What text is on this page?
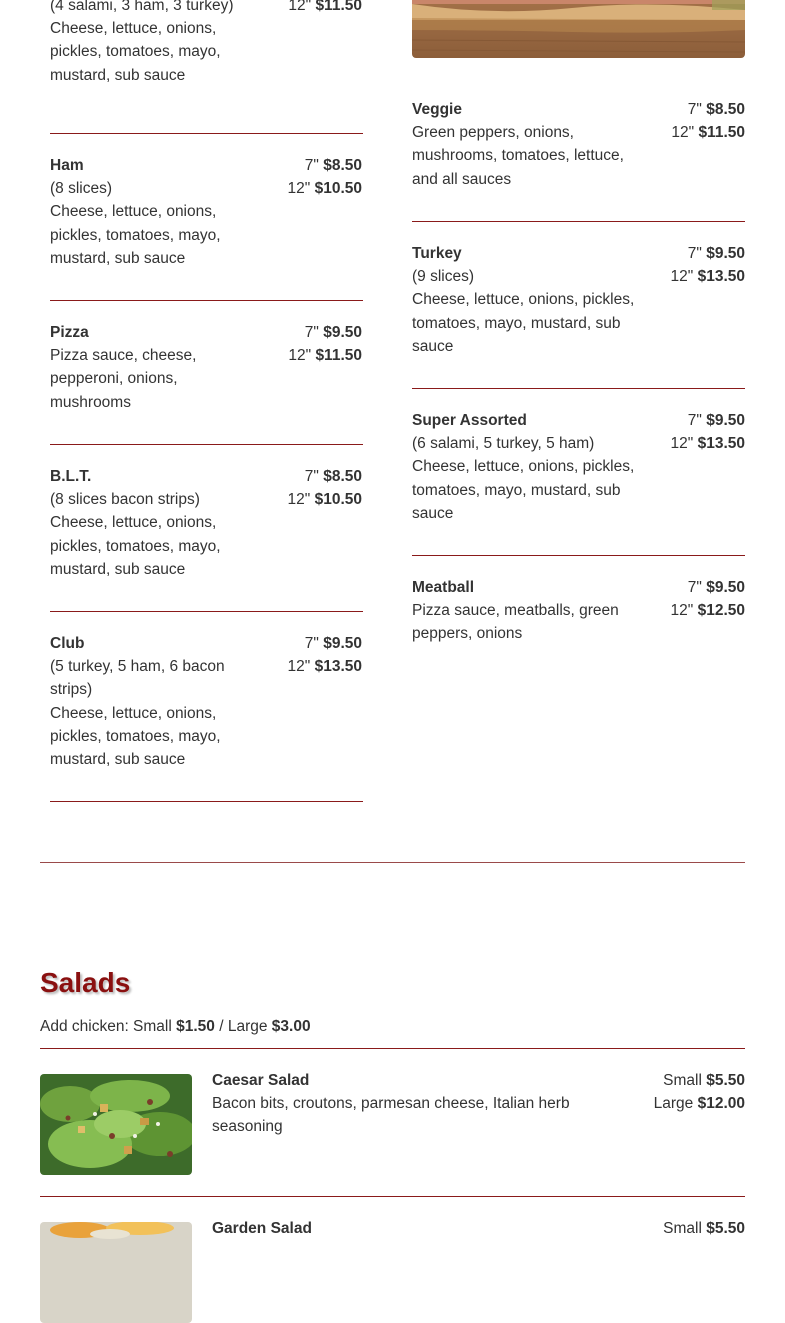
(4 salami, 3 ham, 3 turkey)
Cheese, lettuce, onions,
pickles, tomatoes, mayo,
mustard, sub sauce
12" $11.50
Ham
(8 slices)
Cheese, lettuce, onions,
pickles, tomatoes, mayo,
mustard, sub sauce
7" $8.50
12" $10.50
Pizza
Pizza sauce, cheese,
pepperoni, onions,
mushrooms
7" $9.50
12" $11.50
B.L.T.
(8 slices bacon strips)
Cheese, lettuce, onions,
pickles, tomatoes, mayo,
mustard, sub sauce
7" $8.50
12" $10.50
Club
(5 turkey, 5 ham, 6 bacon
strips)
Cheese, lettuce, onions,
pickles, tomatoes, mayo,
mustard, sub sauce
7" $9.50
12" $13.50
Veggie
Green peppers, onions,
mushrooms, tomatoes, lettuce,
and all sauces
7" $8.50
12" $11.50
Turkey
(9 slices)
Cheese, lettuce, onions, pickles,
tomatoes, mayo, mustard, sub
sauce
7" $9.50
12" $13.50
Super Assorted
(6 salami, 5 turkey, 5 ham)
Cheese, lettuce, onions, pickles,
tomatoes, mayo, mustard, sub
sauce
7" $9.50
12" $13.50
Meatball
Pizza sauce, meatballs, green
peppers, onions
7" $9.50
12" $12.50
Salads
Add chicken: Small $1.50 / Large $3.00
Caesar Salad
Bacon bits, croutons, parmesan cheese, Italian herb
seasoning
Small $5.50
Large $12.00
Garden Salad	Small $5.50
